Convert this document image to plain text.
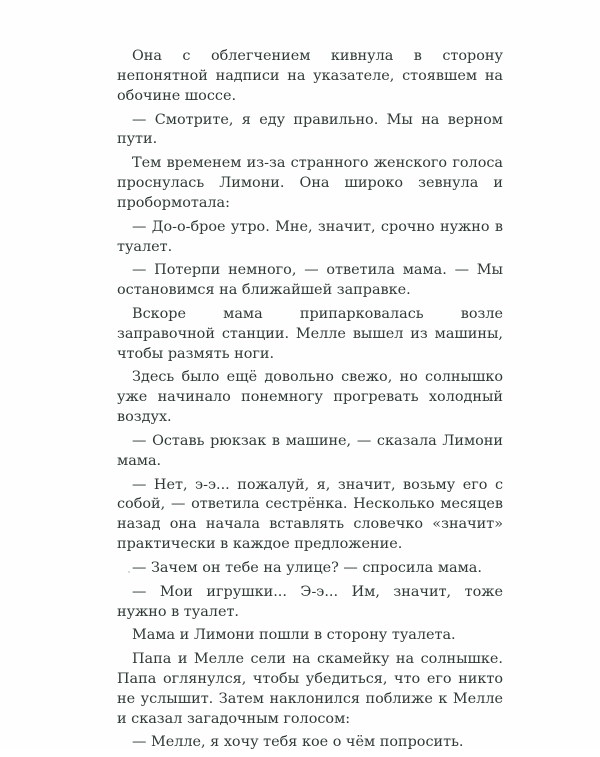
Она с облегчением кивнула в сторону непонятной надписи на указателе, стоявшем на обочине шоссе.

— Смотрите, я еду правильно. Мы на верном пути.

Тем временем из-за странного женского голоса проснулась Лимони. Она широко зевнула и пробормотала:

— До-о-брое утро. Мне, значит, срочно нужно в туалет.

— Потерпи немного, — ответила мама. — Мы остановимся на ближайшей заправке.

Вскоре мама припарковалась возле заправочной станции. Мелле вышел из машины, чтобы размять ноги.

Здесь было ещё довольно свежо, но солнышко уже начинало понемногу прогревать холодный воздух.

— Оставь рюкзак в машине, — сказала Лимони мама.

— Нет, э-э... пожалуй, я, значит, возьму его с собой, — ответила сестрёнка. Несколько месяцев назад она начала вставлять словечко «значит» практически в каждое предложение.

— Зачем он тебе на улице? — спросила мама.

— Мои игрушки... Э-э... Им, значит, тоже нужно в туалет.

Мама и Лимони пошли в сторону туалета.

Папа и Мелле сели на скамейку на солнышке. Папа оглянулся, чтобы убедиться, что его никто не услышит. Затем наклонился поближе к Мелле и сказал загадочным голосом:

— Мелле, я хочу тебя кое о чём попросить.
